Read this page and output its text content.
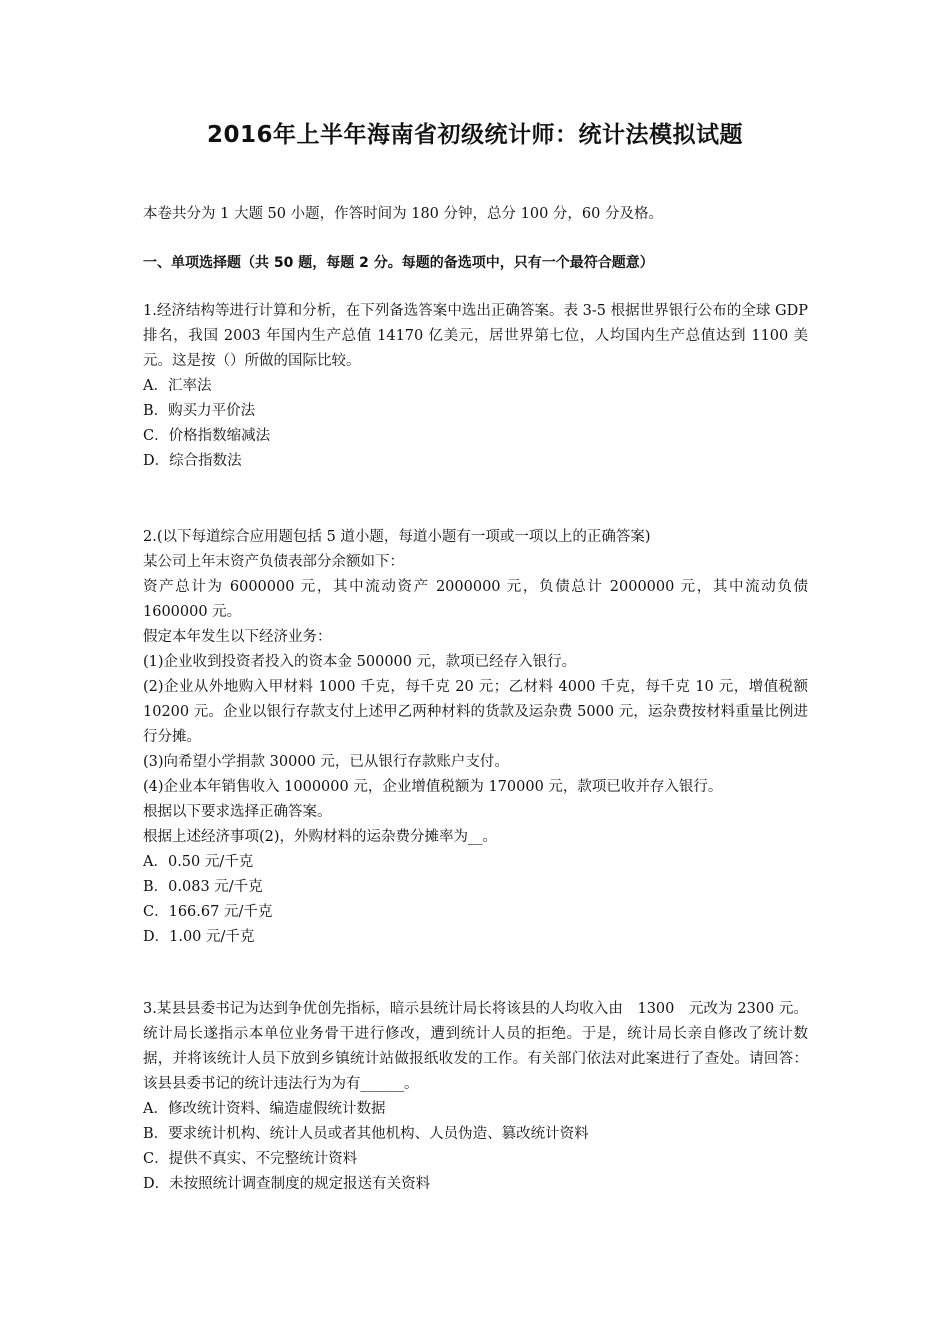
2016年上半年海南省初级统计师：统计法模拟试题
本卷共分为 1 大题 50 小题，作答时间为 180 分钟，总分 100 分，60 分及格。
一、单项选择题（共 50 题，每题 2 分。每题的备选项中，只有一个最符合题意）

1.经济结构等进行计算和分析，在下列备选答案中选出正确答案。表 3-5 根据世界银行公布的全球 GDP 排名，我国 2003 年国内生产总值 14170 亿美元，居世界第七位，人均国内生产总值达到 1100 美元。这是按（）所做的国际比较。

A．汇率法

B．购买力平价法

C．价格指数缩减法

D．综合指数法

2.(以下每道综合应用题包括 5 道小题，每道小题有一项或一项以上的正确答案)

某公司上年末资产负债表部分余额如下：

资产总计为 6000000 元，其中流动资产 2000000 元，负债总计 2000000 元，其中流动负债 1600000 元。

假定本年发生以下经济业务：

(1)企业收到投资者投入的资本金 500000 元，款项已经存入银行。

(2)企业从外地购入甲材料 1000 千克，每千克 20 元；乙材料 4000 千克，每千克 10 元，增值税额 10200 元。企业以银行存款支付上述甲乙两种材料的货款及运杂费 5000 元，运杂费按材料重量比例进行分摊。

(3)向希望小学捐款 30000 元，已从银行存款账户支付。

(4)企业本年销售收入 1000000 元，企业增值税额为 170000 元，款项已收并存入银行。

根据以下要求选择正确答案。

根据上述经济事项(2)，外购材料的运杂费分摊率为__。

A．0.50 元/千克

B．0.083 元/千克

C．166.67 元/千克

D．1.00 元/千克

3.某县县委书记为达到争优创先指标，暗示县统计局长将该县的人均收入由　1300　元改为 2300 元。统计局长遂指示本单位业务骨干进行修改，遭到统计人员的拒绝。于是，统计局长亲自修改了统计数据，并将该统计人员下放到乡镇统计站做报纸收发的工作。有关部门依法对此案进行了查处。请回答：该县县委书记的统计违法行为为有______。

A．修改统计资料、编造虚假统计数据

B．要求统计机构、统计人员或者其他机构、人员伪造、篡改统计资料

C．提供不真实、不完整统计资料

D．未按照统计调查制度的规定报送有关资料
